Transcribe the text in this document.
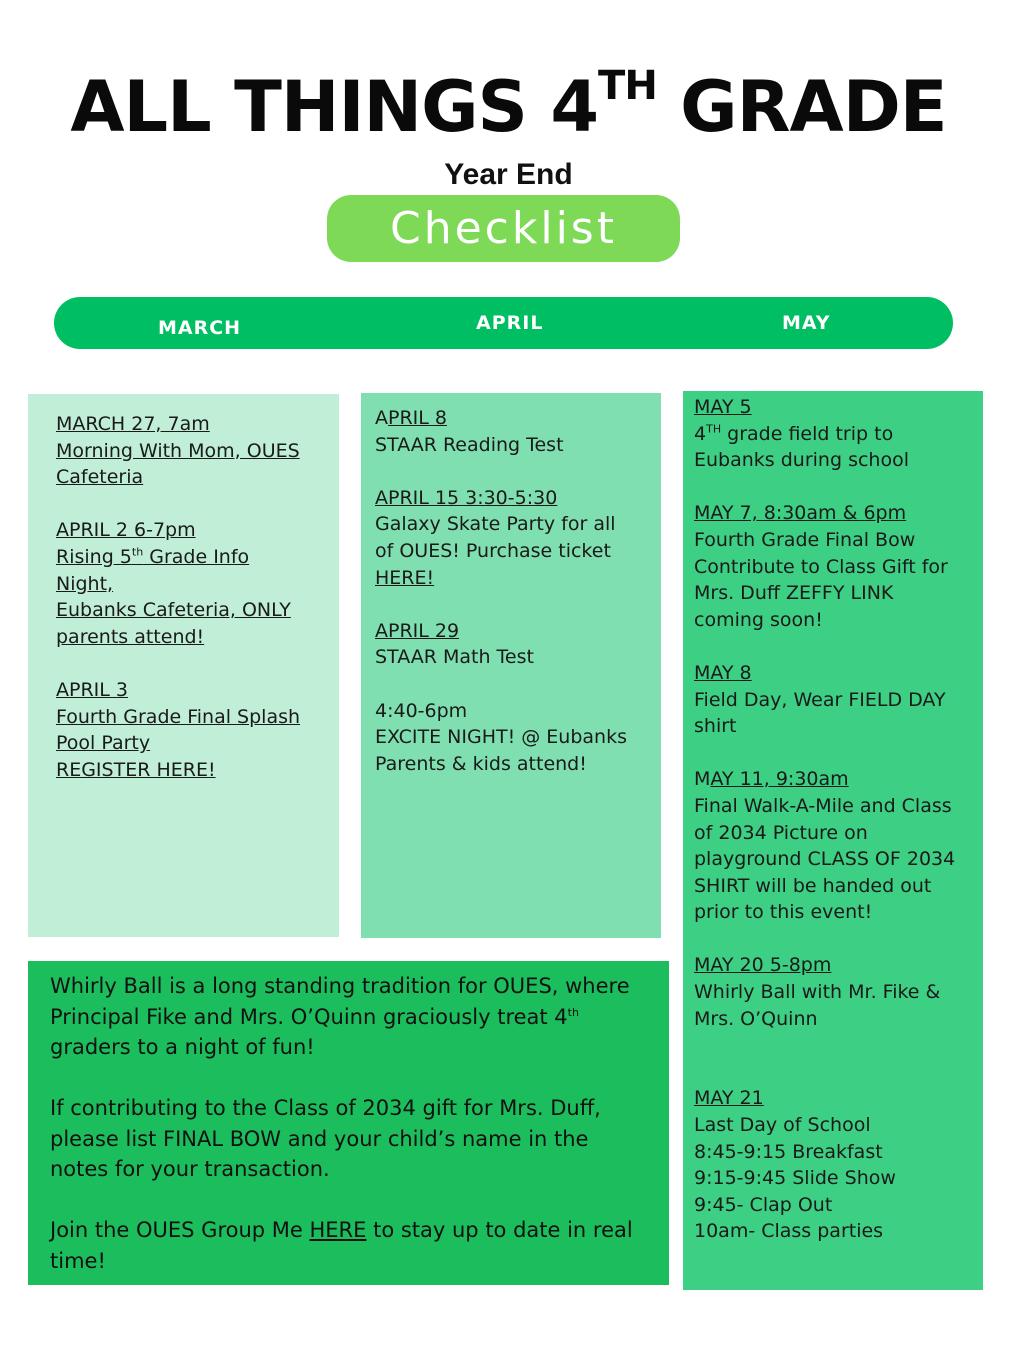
ALL THINGS 4TH GRADE
Year End
Checklist
MARCH	APRIL	MAY

MARCH 27, 7am

Morning With Mom, OUES

Cafeteria

APRIL 2 6-7pm

Rising 5th Grade Info

Night,

Eubanks Cafeteria, ONLY

parents attend!

APRIL 3

Fourth Grade Final Splash

Pool Party

REGISTER HERE!

APRIL 8

STAAR Reading Test

APRIL 15 3:30-5:30

Galaxy Skate Party for all

of OUES! Purchase ticket

HERE!

APRIL 29

STAAR Math Test

4:40-6pm

EXCITE NIGHT! @ Eubanks

Parents & kids attend!

MAY 5

4TH grade field trip to

Eubanks during school

MAY 7, 8:30am & 6pm

Fourth Grade Final Bow

Contribute to Class Gift for

Mrs. Duff ZEFFY LINK

coming soon!

MAY 8

Field Day, Wear FIELD DAY

shirt

MAY 11, 9:30am

Final Walk-A-Mile and Class

of 2034 Picture on

playground CLASS OF 2034

SHIRT will be handed out

prior to this event!

MAY 20 5-8pm

Whirly Ball with Mr. Fike &

Mrs. O’Quinn

MAY 21

Last Day of School

8:45-9:15 Breakfast

9:15-9:45 Slide Show

9:45- Clap Out

10am- Class parties

Whirly Ball is a long standing tradition for OUES, where

Principal Fike and Mrs. O’Quinn graciously treat 4th

graders to a night of fun!

If contributing to the Class of 2034 gift for Mrs. Duff,

please list FINAL BOW and your child’s name in the

notes for your transaction.

Join the OUES Group Me HERE to stay up to date in real

time!
